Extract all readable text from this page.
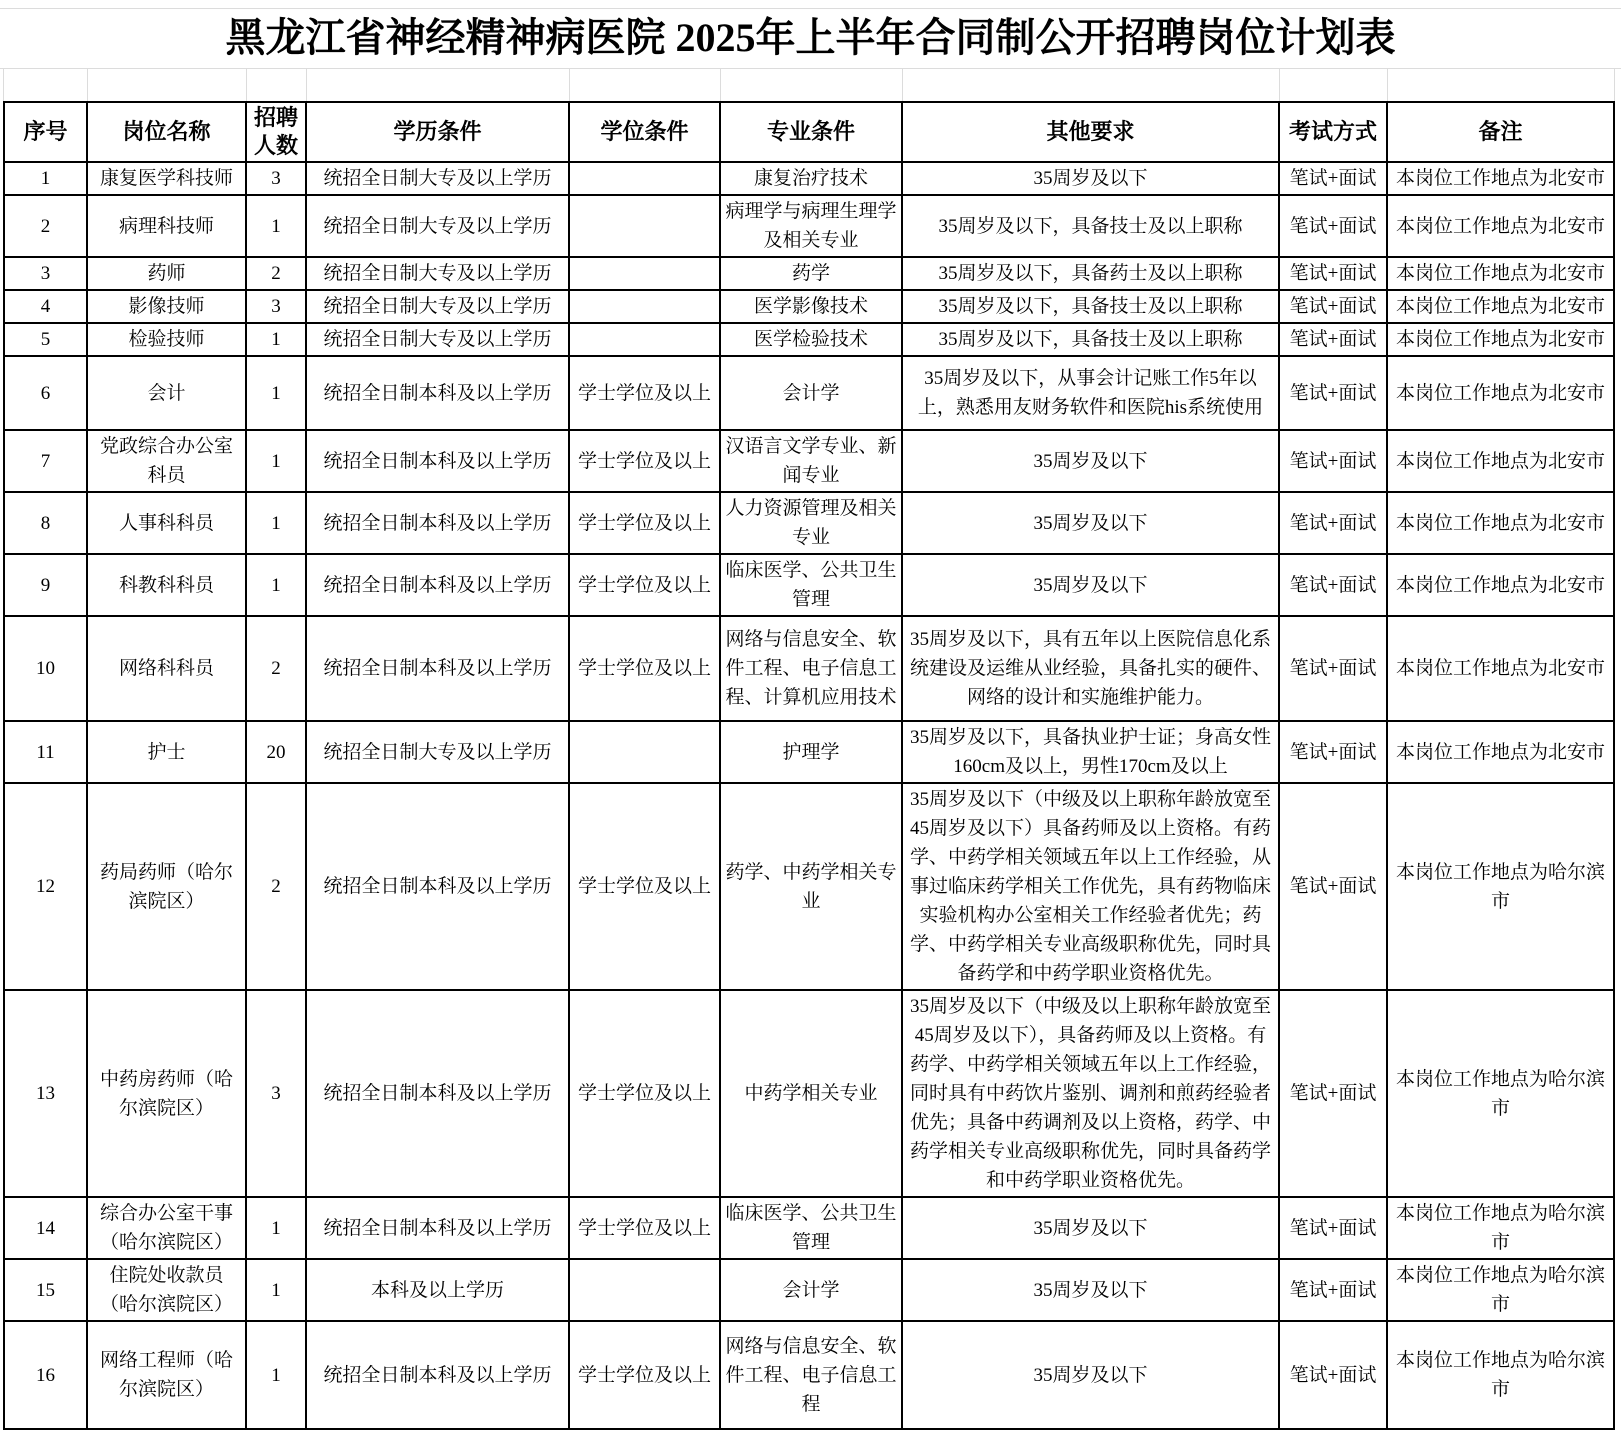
黑龙江省神经精神病医院 2025年上半年合同制公开招聘岗位计划表
序号	岗位名称	招聘人数	学历条件	学位条件	专业条件	其他要求	考试方式	备注
1	康复医学科技师	3	统招全日制大专及以上学历		康复治疗技术	35周岁及以下	笔试+面试	本岗位工作地点为北安市
2	病理科技师	1	统招全日制大专及以上学历		病理学与病理生理学及相关专业	35周岁及以下，具备技士及以上职称	笔试+面试	本岗位工作地点为北安市
3	药师	2	统招全日制大专及以上学历		药学	35周岁及以下，具备药士及以上职称	笔试+面试	本岗位工作地点为北安市
4	影像技师	3	统招全日制大专及以上学历		医学影像技术	35周岁及以下，具备技士及以上职称	笔试+面试	本岗位工作地点为北安市
5	检验技师	1	统招全日制大专及以上学历		医学检验技术	35周岁及以下，具备技士及以上职称	笔试+面试	本岗位工作地点为北安市
6	会计	1	统招全日制本科及以上学历	学士学位及以上	会计学	35周岁及以下，从事会计记账工作5年以上，熟悉用友财务软件和医院his系统使用	笔试+面试	本岗位工作地点为北安市
7	党政综合办公室科员	1	统招全日制本科及以上学历	学士学位及以上	汉语言文学专业、新闻专业	35周岁及以下	笔试+面试	本岗位工作地点为北安市
8	人事科科员	1	统招全日制本科及以上学历	学士学位及以上	人力资源管理及相关专业	35周岁及以下	笔试+面试	本岗位工作地点为北安市
9	科教科科员	1	统招全日制本科及以上学历	学士学位及以上	临床医学、公共卫生管理	35周岁及以下	笔试+面试	本岗位工作地点为北安市
10	网络科科员	2	统招全日制本科及以上学历	学士学位及以上	网络与信息安全、软件工程、电子信息工程、计算机应用技术	35周岁及以下，具有五年以上医院信息化系统建设及运维从业经验，具备扎实的硬件、网络的设计和实施维护能力。	笔试+面试	本岗位工作地点为北安市
11	护士	20	统招全日制大专及以上学历		护理学	35周岁及以下，具备执业护士证；身高女性160cm及以上，男性170cm及以上	笔试+面试	本岗位工作地点为北安市
12	药局药师（哈尔滨院区）	2	统招全日制本科及以上学历	学士学位及以上	药学、中药学相关专业	35周岁及以下（中级及以上职称年龄放宽至45周岁及以下）具备药师及以上资格。有药学、中药学相关领域五年以上工作经验，从事过临床药学相关工作优先，具有药物临床实验机构办公室相关工作经验者优先；药学、中药学相关专业高级职称优先，同时具备药学和中药学职业资格优先。	笔试+面试	本岗位工作地点为哈尔滨市
13	中药房药师（哈尔滨院区）	3	统招全日制本科及以上学历	学士学位及以上	中药学相关专业	35周岁及以下（中级及以上职称年龄放宽至45周岁及以下），具备药师及以上资格。有药学、中药学相关领域五年以上工作经验，同时具有中药饮片鉴别、调剂和煎药经验者优先；具备中药调剂及以上资格，药学、中药学相关专业高级职称优先，同时具备药学和中药学职业资格优先。	笔试+面试	本岗位工作地点为哈尔滨市
14	综合办公室干事（哈尔滨院区）	1	统招全日制本科及以上学历	学士学位及以上	临床医学、公共卫生管理	35周岁及以下	笔试+面试	本岗位工作地点为哈尔滨市
15	住院处收款员（哈尔滨院区）	1	本科及以上学历		会计学	35周岁及以下	笔试+面试	本岗位工作地点为哈尔滨市
16	网络工程师（哈尔滨院区）	1	统招全日制本科及以上学历	学士学位及以上	网络与信息安全、软件工程、电子信息工程	35周岁及以下	笔试+面试	本岗位工作地点为哈尔滨市
